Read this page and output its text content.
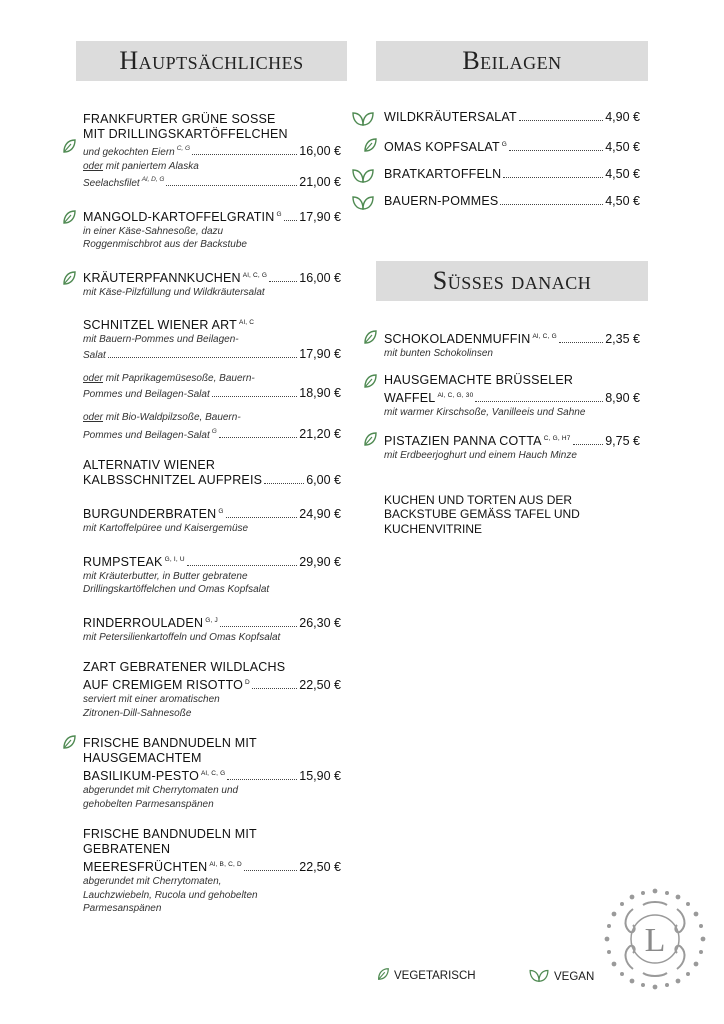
Hauptsächliches	Beilagen
Süsses danach
FRANKFURTER GRÜNE SOSSE
MIT DRILLINGSKARTÖFFELCHEN
und gekochten Eiern $^{C, G}$	16,00 €
oder mit paniertem Alaska
Seelachsfilet $^{Al, D, G}$	21,00 €
MANGOLD-KARTOFFELGRATIN $^G$ 17,90 €
in einer Käse-Sahnesoße, dazu
Roggenmischbrot aus der Backstube
KRÄUTERPFANNKUCHEN $^{Al, C, G}$	16,00 €
mit Käse-Pilzfüllung und Wildkräutersalat
SCHNITZEL WIENER ART $^{Al, C}$
mit Bauern-Pommes und Beilagen-
Salat	17,90 €
oder mit Paprikagemüsesoße, Bauern-
Pommes und Beilagen-Salat	18,90 €
oder mit Bio-Waldpilzsoße, Bauern-
Pommes und Beilagen-Salat $^G$	21,20 €
ALTERNATIV WIENER
KALBSSCHNITZEL AUFPREIS	6,00 €
BURGUNDERBRATEN $^G$	24,90 €
mit Kartoffelpüree und Kaisergemüse
RUMPSTEAK $^{G, I, U}$	29,90 €
mit Kräuterbutter, in Butter gebratene
Drillingskartöffelchen und Omas Kopfsalat
RINDERROULADEN $^{G, J}$	26,30 €
mit Petersilienkartoffeln und Omas Kopfsalat
ZART GEBRATENER WILDLACHS
AUF CREMIGEM RISOTTO $^D$	22,50 €
serviert mit einer aromatischen
Zitronen-Dill-Sahnesoße
FRISCHE BANDNUDELN MIT
HAUSGEMACHTEM
BASILIKUM-PESTO $^{Al, C, G}$	15,90 €
abgerundet mit Cherrytomaten und
gehobelten Parmesanspänen
FRISCHE BANDNUDELN MIT
GEBRATENEN
MEERESFRÜCHTEN $^{Al, B, C, D}$	22,50 €
abgerundet mit Cherrytomaten,
Lauchzwiebeln, Rucola und gehobelten
Parmesanspänen
WILDKRÄUTERSALAT	4,90 €
OMAS KOPFSALAT $^G$	4,50 €
BRATKARTOFFELN	4,50 €
BAUERN-POMMES	4,50 €
SCHOKOLADENMUFFIN $^{Al, C, G}$	2,35 €
mit bunten Schokolinsen
HAUSGEMACHTE BRÜSSELER
WAFFEL $^{Al, C, G, 30}$	8,90 €
mit warmer Kirschsoße, Vanilleeis und Sahne
PISTAZIEN PANNA COTTA $^{C, G, H7}$	9,75 €
mit Erdbeerjoghurt und einem Hauch Minze
KUCHEN UND TORTEN AUS DER
BACKSTUBE GEMÄSS TAFEL UND
KUCHENVITRINE
L
VEGETARISCH	VEGAN
